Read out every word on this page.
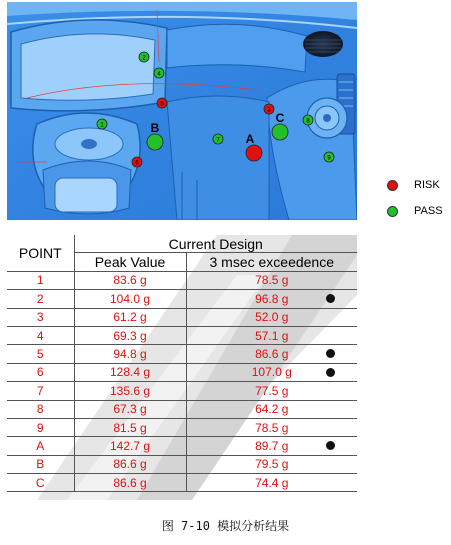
1
2
3
4
5
6
7
8
9
A
B
C
RISK
PASS
POINT	Current Design	
	Peak Value	3 msec exceedence
1	83.6 g	78.5 g
2	104.0 g	96.8 g

3	61.2 g	52.0 g
4	69.3 g	57.1 g
5	94.8 g	86.6 g

6	128.4 g	107.0 g

7	135.6 g	77.5 g
8	67.3 g	64.2 g
9	81.5 g	78.5 g
A	142.7 g	89.7 g

B	86.6 g	79.5 g
C	86.6 g	74.4 g
图 7-10 模拟分析结果
